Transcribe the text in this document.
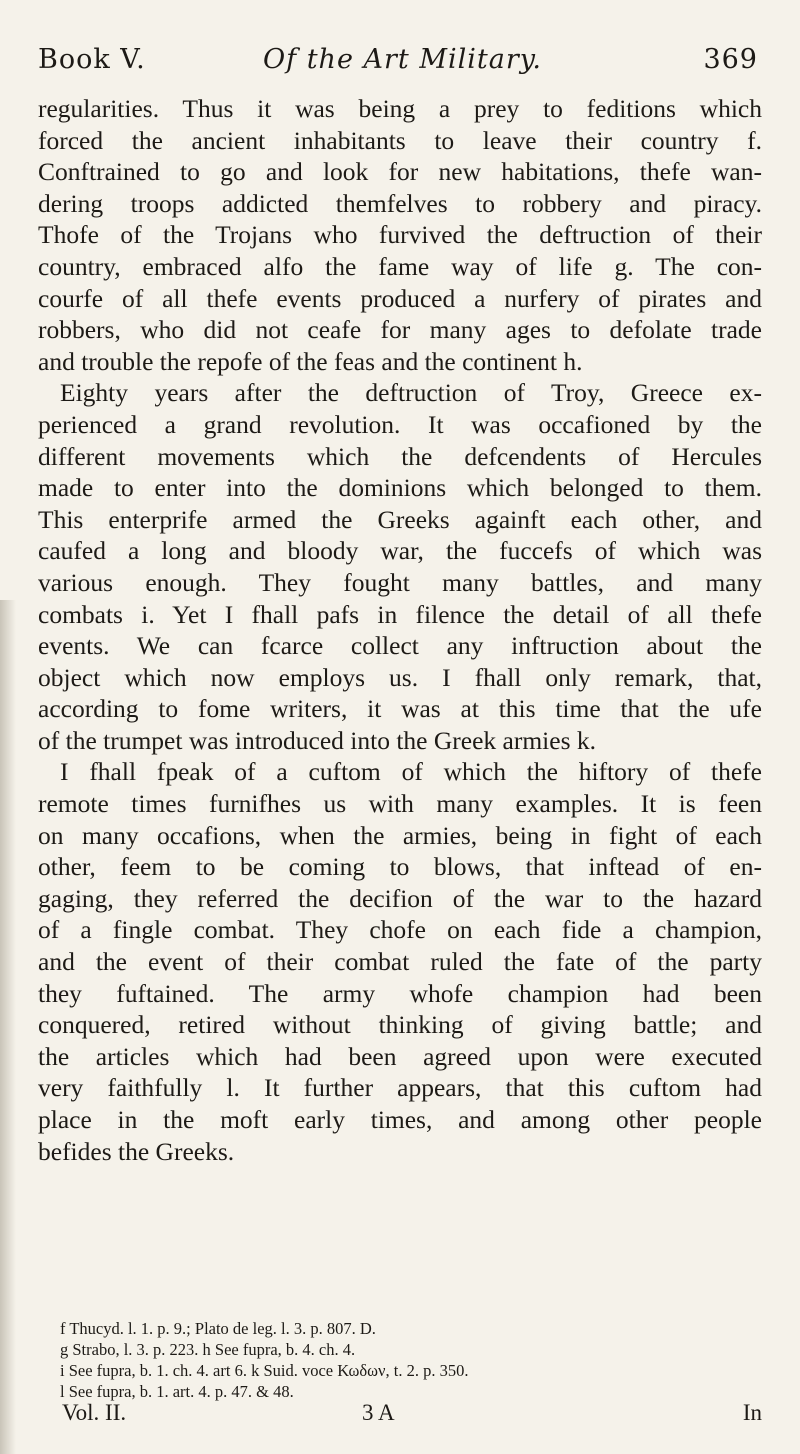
Book V.	Of the Art Military.	369
regularities. Thus it was being a prey to feditions which
forced the ancient inhabitants to leave their country f.
Conftrained to go and look for new habitations, thefe wan-
dering troops addicted themfelves to robbery and piracy.
Thofe of the Trojans who furvived the deftruction of their
country, embraced alfo the fame way of life g. The con-
courfe of all thefe events produced a nurfery of pirates and
robbers, who did not ceafe for many ages to defolate trade
and trouble the repofe of the feas and the continent h.
Eighty years after the deftruction of Troy, Greece ex-
perienced a grand revolution. It was occafioned by the
different movements which the defcendents of Hercules
made to enter into the dominions which belonged to them.
This enterprife armed the Greeks againft each other, and
caufed a long and bloody war, the fuccefs of which was
various enough. They fought many battles, and many
combats i. Yet I fhall pafs in filence the detail of all thefe
events. We can fcarce collect any inftruction about the
object which now employs us. I fhall only remark, that,
according to fome writers, it was at this time that the ufe
of the trumpet was introduced into the Greek armies k.
I fhall fpeak of a cuftom of which the hiftory of thefe
remote times furnifhes us with many examples. It is feen
on many occafions, when the armies, being in fight of each
other, feem to be coming to blows, that inftead of en-
gaging, they referred the decifion of the war to the hazard
of a fingle combat. They chofe on each fide a champion,
and the event of their combat ruled the fate of the party
they fuftained. The army whofe champion had been
conquered, retired without thinking of giving battle; and
the articles which had been agreed upon were executed
very faithfully l. It further appears, that this cuftom had
place in the moft early times, and among other people
befides the Greeks.
f Thucyd. l. 1. p. 9.; Plato de leg. l. 3. p. 807. D.
g Strabo, l. 3. p. 223. h See fupra, b. 4. ch. 4.
i See fupra, b. 1. ch. 4. art 6. k Suid. voce Κωδων, t. 2. p. 350.
l See fupra, b. 1. art. 4. p. 47. & 48.
Vol. II.	3 A	In
